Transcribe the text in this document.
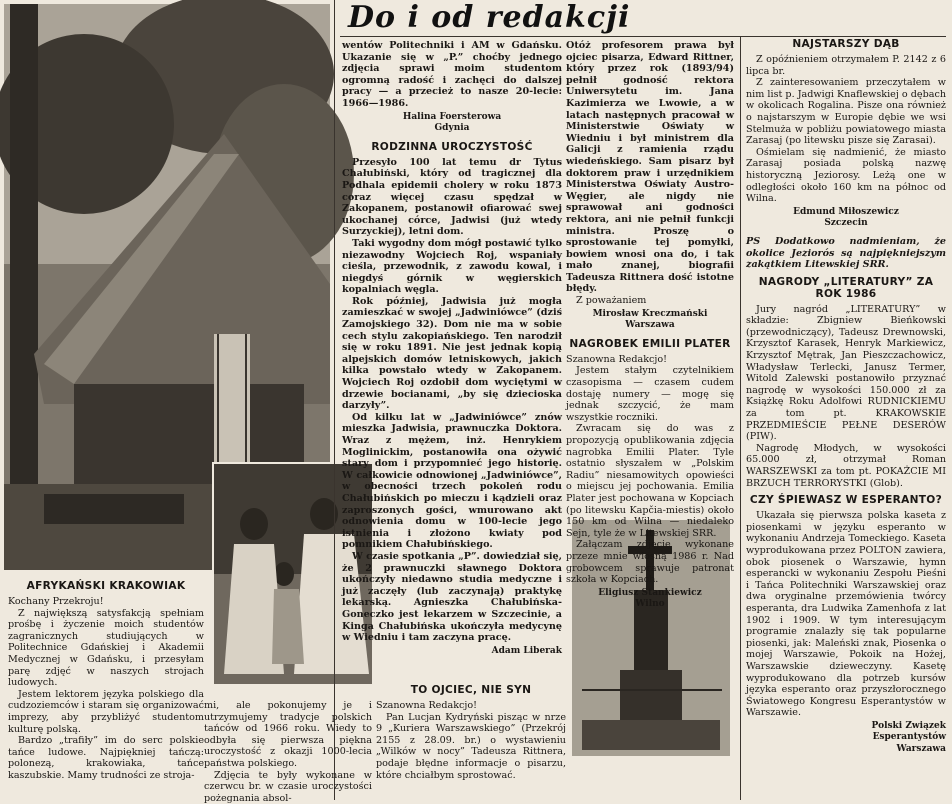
Do i od redakcji
AFRYKAŃSKI KRAKOWIAK

Kochany Przekroju!

Z największą satysfakcją spełniam prośbę i życzenie moich studentów zagranicznych studiujących w Politechnice Gdańskiej i Akademii Medycznej w Gdańsku, i przesyłam parę zdjęć w naszych strojach ludowych.

Jestem lektorem języka polskiego dla cudzoziemców i staram się organizować imprezy, aby przybliżyć studentom kulturę polską.

Bardzo „trafiły” im do serc polskie tańce ludowe. Najpiękniej tańczą: polonezą, krakowiaka, tańce kaszubskie. Mamy trudności ze stroja-

mi, ale pokonujemy je i utrzymujemy tradycje polskich tańców od 1966 roku. Wiedy to odbyła się pierwsza piękna uroczystość z okazji 1000-lecia państwa polskiego.

Zdjęcia te były wykonane w czerwcu br. w czasie uroczystości pożegnania absol-

wentów Politechniki i AM w Gdańsku. Ukazanie się w „P.” choćby jednego zdjęcia sprawi moim studentom ogromną radość i zachęci do dalszej pracy — a przecież to nasze 20-lecie: 1966—1986.

Halina Foersterowa
Gdynia
RODZINNA UROCZYSTOŚĆ

Przesyło 100 lat temu dr Tytus Chałubiński, który od tragicznej dla Podhala epidemii cholery w roku 1873 coraz więcej czasu spędzał w Zakopanem, postanowił ofiarować swej ukochanej córce, Jadwisi (już wtedy Surzyckiej), letni dom.

Taki wygodny dom mógł postawić tylko niezawodny Wojciech Roj, wspaniały cieśla, przewodnik, z zawodu kowal, i niegdyś górnik w węgierskich kopalniach węgla.

Rok później, Jadwisia już mogła zamieszkać w swojej „Jadwiniówce” (dziś Zamojskiego 32). Dom nie ma w sobie cech stylu zakopiańskiego. Ten narodził się w roku 1891. Nie jest jednak kopią alpejskich domów letniskowych, jakich kilka powstało wtedy w Zakopanem. Wojciech Roj ozdobił dom wyciętymi w drzewie bocianami, „by się dziecioska darzyły”.

Od kilku lat w „Jadwiniówce” znów mieszka Jadwisia, prawnuczka Doktora. Wraz z mężem, inż. Henrykiem Moglinickim, postanowiła ona ożywić stary dom i przypomnieć jego historię. W całkowicie odnowionej „Jadwiniówce”, w obecności trzech pokoleń rodu Chałubińskich po mieczu i kądzieli oraz zaproszonych gości, wmurowano akt odnowienia domu w 100-lecie jego istnienia i złożono kwiaty pod pomnikiem Chałubińskiego.

W czasie spotkania „P”. dowiedział się, że 2 prawnuczki sławnego Doktora ukończyły niedawno studia medyczne i już zaczęły (lub zaczynają) praktykę lekarską. Agnieszka Chałubińska-Goneczko jest lekarzem w Szczecinie, a Kinga Chałubińska ukończyła medycynę w Wiedniu i tam zaczyna pracę.

Adam Liberak
TO OJCIEC, NIE SYN

Szanowna Redakcjo!

Pan Lucjan Kydryński pisząc w nrze 9 „Kuriera Warszawskiego” (Przekrój 2155 z 28.09. br.) o wystawieniu „Wilków w nocy” Tadeusza Rittnera, podaje błędne informacje o pisarzu, które chciałbym sprostować.

Otóż profesorem prawa był ojciec pisarza, Edward Rittner, który przez rok (1893/94) pełnił godność rektora Uniwersytetu im. Jana Kazimierza we Lwowie, a w latach następnych pracował w Ministerstwie Oświaty w Wiedniu i był ministrem dla Galicji z ramienia rządu wiedeńskiego. Sam pisarz był doktorem praw i urzędnikiem Ministerstwa Oświaty Austro-Węgier, ale nigdy nie sprawował ani godności rektora, ani nie pełnił funkcji ministra. Proszę o sprostowanie tej pomyłki, bowiem wnosi ona do, i tak mało znanej, biografii Tadeusza Rittnera dość istotne błędy.

Z poważaniem

Mirosław Kreczmański
Warszawa
NAGROBEK EMILII PLATER

Szanowna Redakcjo!

Jestem stałym czytelnikiem czasopisma — czasem cudem dostaję numery — mogę się jednak szczycić, że mam wszystkie roczniki.

Zwracam się do was z propozycją opublikowania zdjęcia nagrobka Emilii Plater. Tyle ostatnio słyszałem w „Polskim Radiu” niesamowitych opowieści o miejscu jej pochowania. Emilia Plater jest pochowana w Kopciach (po litewsku Kapčia-miestis) około 150 km od Wilna — niedaleko Sejn, tyle że w Litewskiej SRR.

Załączam zdjęcie wykonane przeze mnie wiosną 1986 r. Nad grobowcem sprawuje patronat szkoła w Kopciach.

Eligiusz Stankiewicz
Wilno
NAJSTARSZY DĄB

Z opóźnieniem otrzymałem P. 2142 z 6 lipca br.

Z zainteresowaniem przeczytałem w nim list p. Jadwigi Knaflewskiej o dębach w okolicach Rogalina. Pisze ona również o najstarszym w Europie dębie we wsi Stelmuża w pobliżu powiatowego miasta Zarasaj (po litewsku pisze się Zarasai).

Ośmielam się nadmienić, że miasto Zarasaj posiada polską nazwę historyczną Jeziorosy. Leżą one w odległości około 160 km na północ od Wilna.

Edmund Miłoszewicz
Szczecin

PS Dodatkowo nadmieniam, że okolice Jeziorós są najpiękniejszym zakątkiem Litewskiej SRR.

NAGRODY „LITERATURY” ZA ROK 1986

Jury nagród „LITERATURY” w składzie: Zbigniew Bieńkowski (przewodniczący), Tadeusz Drewnowski, Krzysztof Karasek, Henryk Markiewicz, Krzysztof Mętrak, Jan Pieszczachowicz, Władysław Terlecki, Janusz Termer, Witold Zalewski postanowiło przyznać nagrodę w wysokości 150.000 zł za Książkę Roku Adolfowi RUDNICKIEMU za tom pt. KRAKOWSKIE PRZEDMIEŚCIE PEŁNE DESERÓW (PIW).

Nagrodę Młodych, w wysokości 65.000 zł, otrzymał Roman WARSZEWSKI za tom pt. POKAŻCIE MI BRZUCH TERRORYSTKI (Glob).

CZY ŚPIEWASZ W ESPERANTO?

Ukazała się pierwsza polska kaseta z piosenkami w języku esperanto w wykonaniu Andrzeja Tomeckiego. Kaseta wyprodukowana przez POLTON zawiera, obok piosenek o Warszawie, hymn esperancki w wykonaniu Zespołu Pieśni i Tańca Politechniki Warszawskiej oraz dwa oryginalne przemówienia twórcy esperanta, dra Ludwika Zamenhofa z lat 1902 i 1909. W tym interesującym programie znalazły się tak popularne piosenki, jak: Maleński znak, Piosenka o mojej Warszawie, Pokoik na Hożej, Warszawskie dzieweczyny. Kasetę wyprodukowano dla potrzeb kursów języka esperanto oraz przyszłorocznego Światowego Kongresu Esperantystów w Warszawie.

Polski Związek
Esperantystów
Warszawa
